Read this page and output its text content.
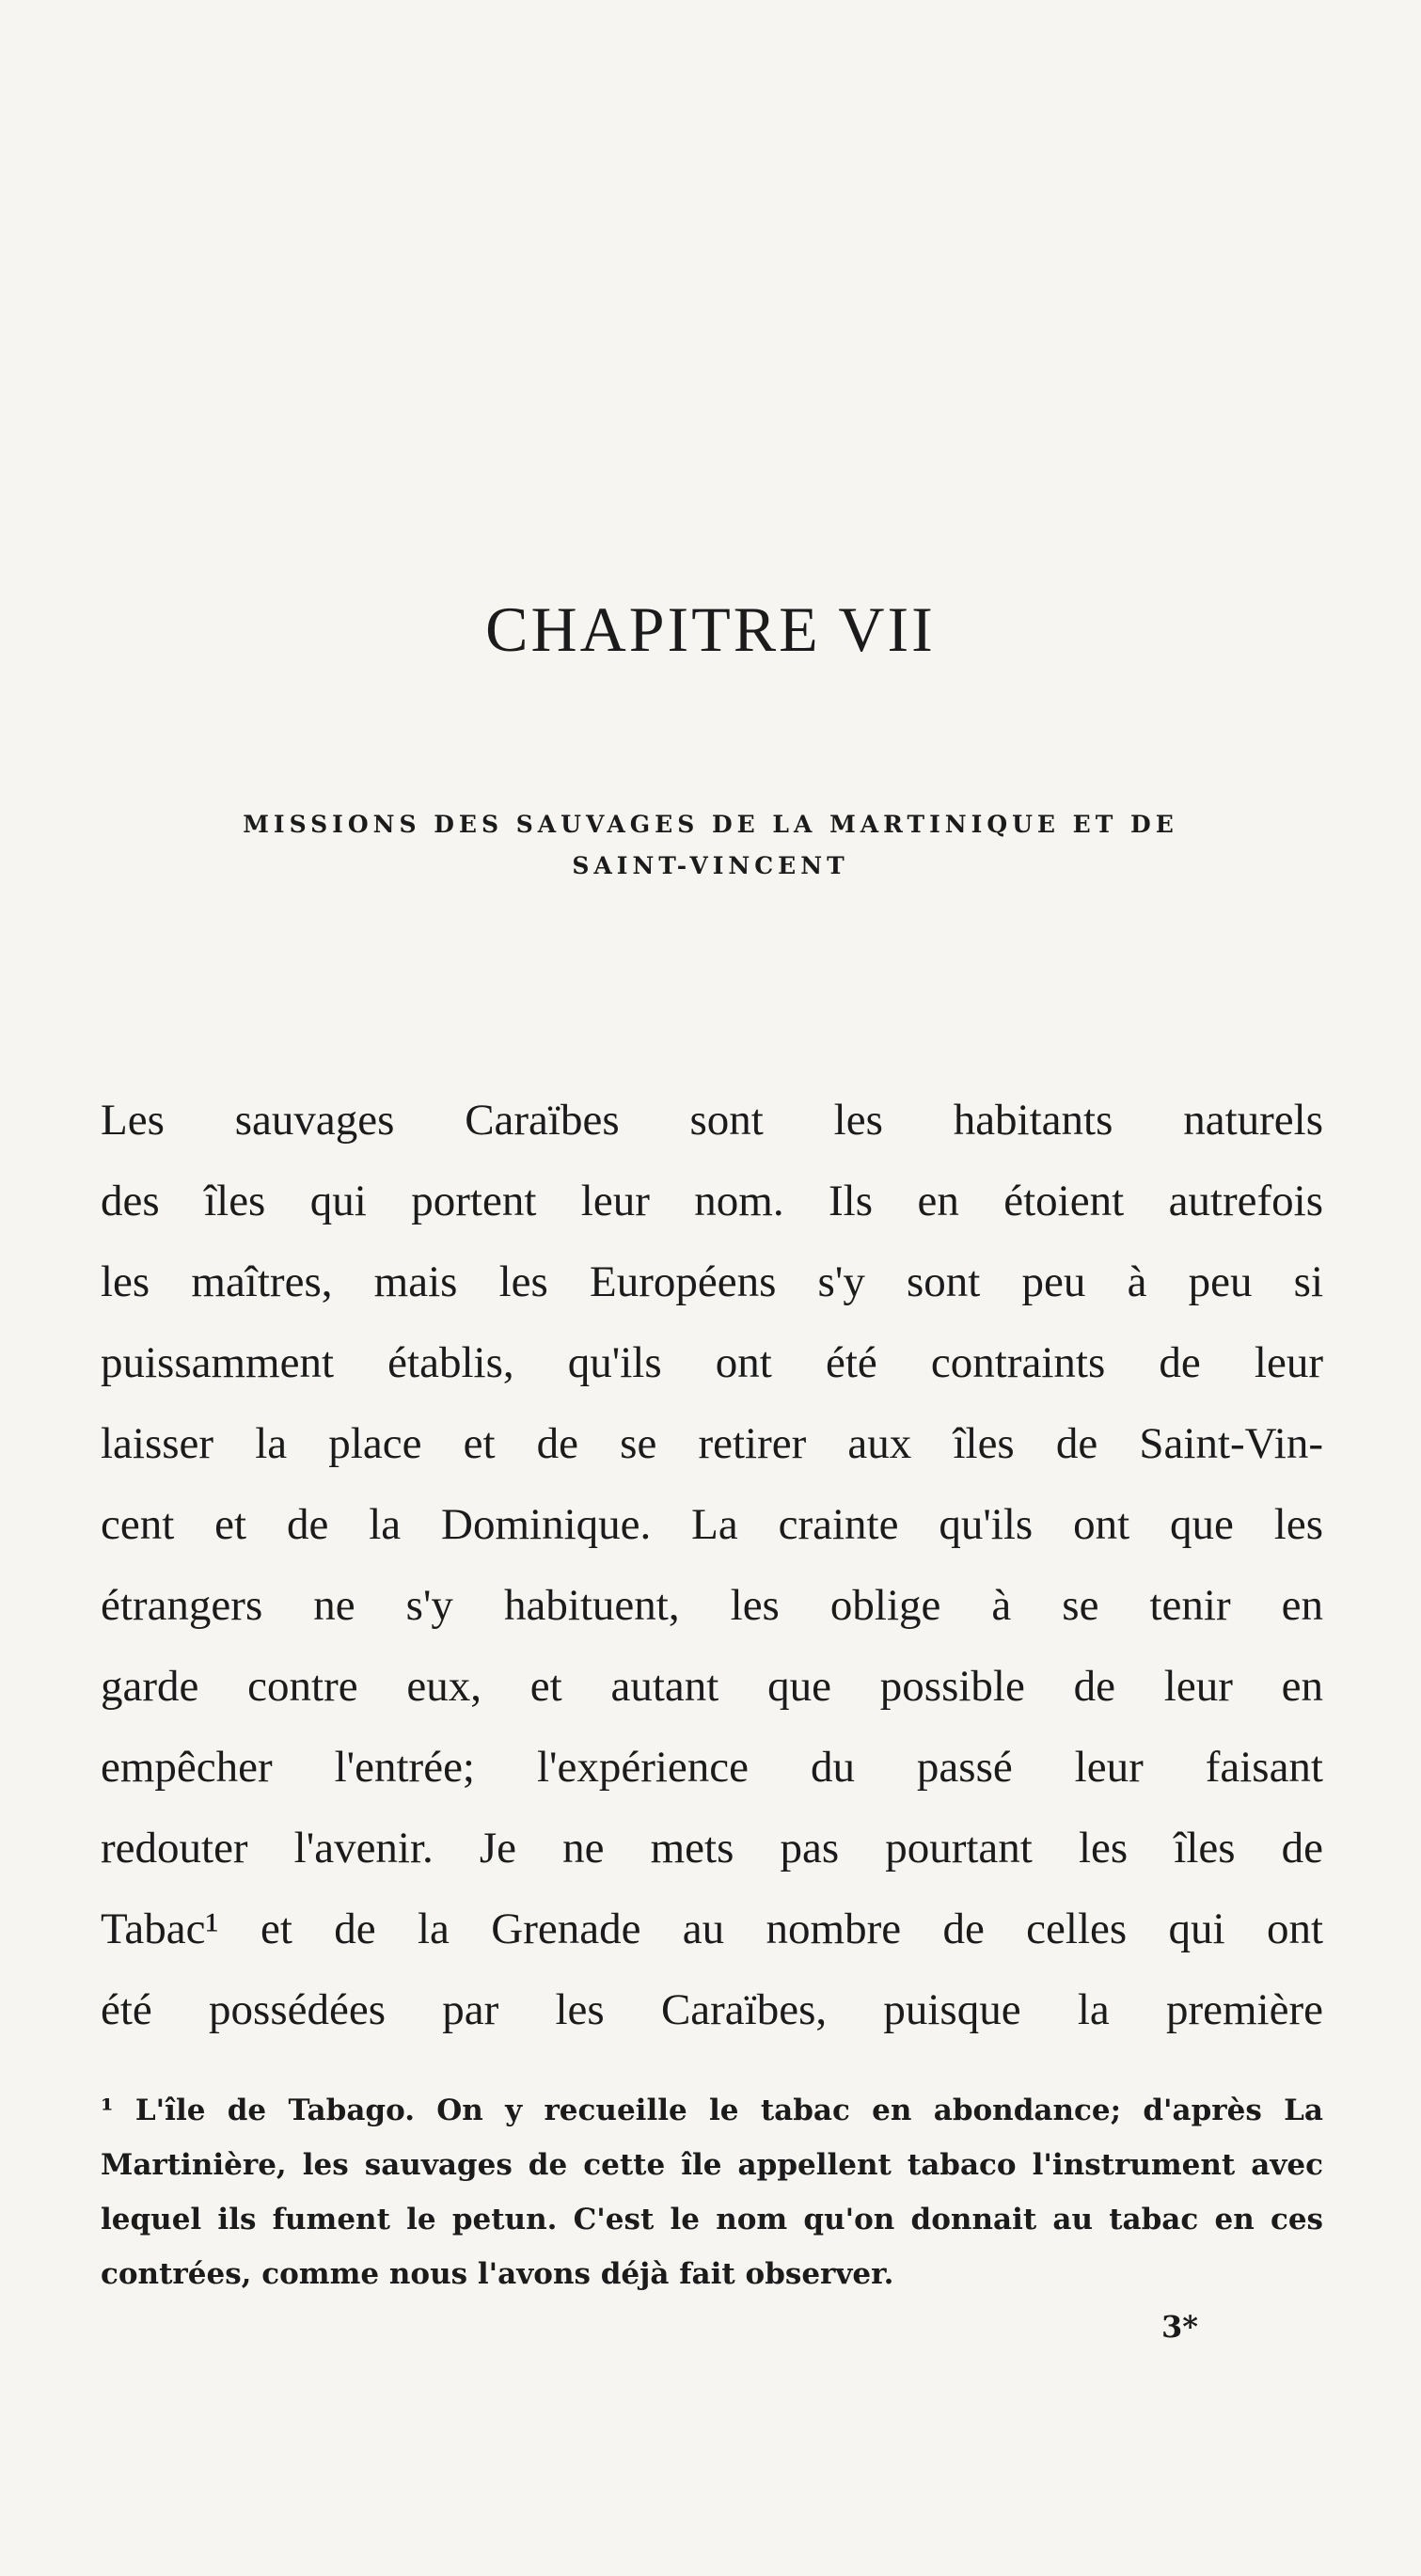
CHAPITRE VII
MISSIONS DES SAUVAGES DE LA MARTINIQUE ET DE
SAINT-VINCENT
Les sauvages Caraïbes sont les habitants naturels
des îles qui portent leur nom. Ils en étoient autrefois
les maîtres, mais les Européens s'y sont peu à peu si
puissamment établis, qu'ils ont été contraints de leur
laisser la place et de se retirer aux îles de Saint-Vin-
cent et de la Dominique. La crainte qu'ils ont que les
étrangers ne s'y habituent, les oblige à se tenir en
garde contre eux, et autant que possible de leur en
empêcher l'entrée; l'expérience du passé leur faisant
redouter l'avenir. Je ne mets pas pourtant les îles de
Tabac¹ et de la Grenade au nombre de celles qui ont
été possédées par les Caraïbes, puisque la première
¹ L'île de Tabago. On y recueille le tabac en abondance; d'après La
Martinière, les sauvages de cette île appellent tabaco l'instrument avec
lequel ils fument le petun. C'est le nom qu'on donnait au tabac en ces
contrées, comme nous l'avons déjà fait observer.
3*
